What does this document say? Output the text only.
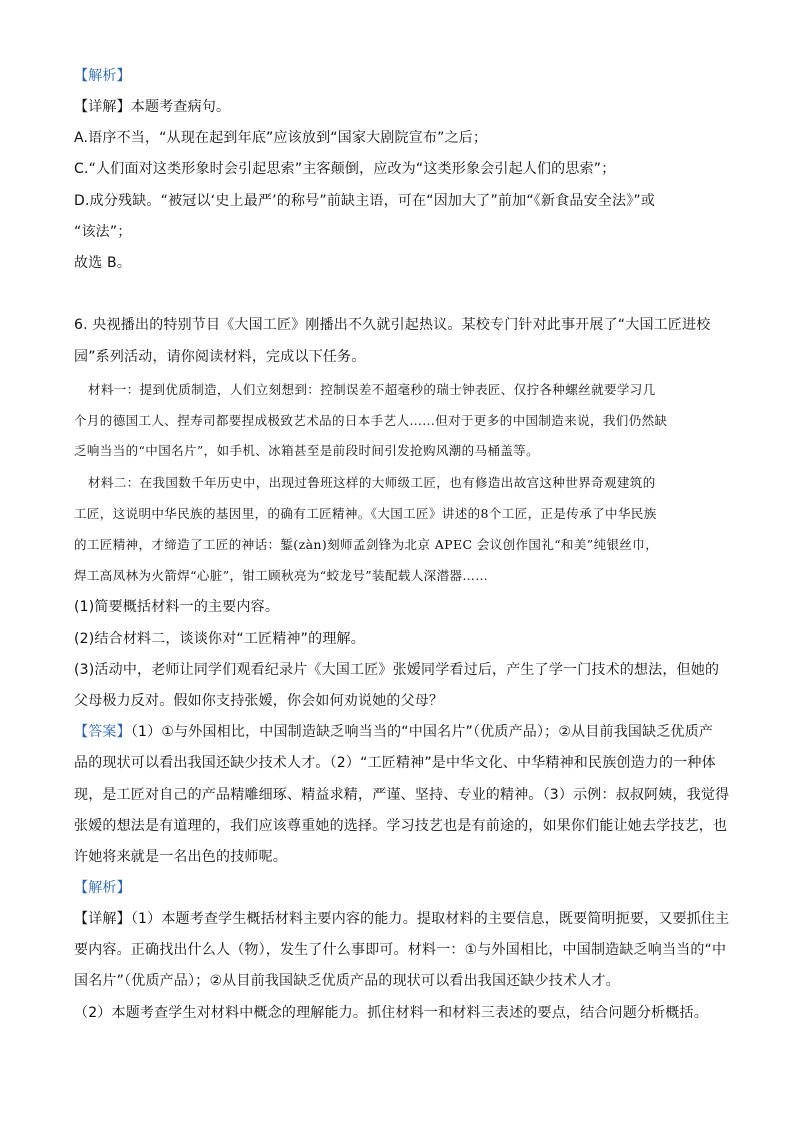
【解析】
【详解】本题考查病句。
A.语序不当，“从现在起到年底”应该放到“国家大剧院宣布”之后；
C.“人们面对这类形象时会引起思索”主客颠倒，应改为“这类形象会引起人们的思索”；
D.成分残缺。“被冠以‘史上最严’的称号”前缺主语，可在“因加大了”前加“《新食品安全法》”或
“该法”；
故选 B。
6. 央视播出的特别节目《大国工匠》刚播出不久就引起热议。某校专门针对此事开展了“大国工匠进校
园”系列活动，请你阅读材料，完成以下任务。
材料一：提到优质制造，人们立刻想到：控制误差不超毫秒的瑞士钟表匠、仅拧各种螺丝就要学习几
个月的德国工人、捏寿司都要捏成极致艺术品的日本手艺人……但对于更多的中国制造来说，我们仍然缺
乏响当当的“中国名片”，如手机、冰箱甚至是前段时间引发抢购风潮的马桶盖等。
材料二：在我国数千年历史中，出现过鲁班这样的大师级工匠，也有修造出故宫这种世界奇观建筑的
工匠，这说明中华民族的基因里，的确有工匠精神。《大国工匠》讲述的8个工匠，正是传承了中华民族
的工匠精神，才缔造了工匠的神话：錾(zàn)刻师孟剑锋为北京 APEC 会议创作国礼“和美”纯银丝巾，
焊工高凤林为火箭焊“心脏”，钳工顾秋亮为“蛟龙号”装配载人深潜器……
(1)简要概括材料一的主要内容。
(2)结合材料二，谈谈你对“工匠精神”的理解。
(3)活动中，老师让同学们观看纪录片《大国工匠》张嫒同学看过后，产生了学一门技术的想法，但她的
父母极力反对。假如你支持张嫒，你会如何劝说她的父母？
【答案】（1）①与外国相比，中国制造缺乏响当当的“中国名片”（优质产品）；②从目前我国缺乏优质产
品的现状可以看出我国还缺少技术人才。（2）“工匠精神”是中华文化、中华精神和民族创造力的一种体
现，是工匠对自己的产品精雕细琢、精益求精，严谨、坚持、专业的精神。（3）示例：叔叔阿姨，我觉得
张嫒的想法是有道理的，我们应该尊重她的选择。学习技艺也是有前途的，如果你们能让她去学技艺，也
许她将来就是一名出色的技师呢。
【解析】
【详解】（1）本题考查学生概括材料主要内容的能力。提取材料的主要信息，既要简明扼要，又要抓住主
要内容。正确找出什么人（物），发生了什么事即可。材料一：①与外国相比，中国制造缺乏响当当的“中
国名片”（优质产品）；②从目前我国缺乏优质产品的现状可以看出我国还缺少技术人才。
（2）本题考查学生对材料中概念的理解能力。抓住材料一和材料三表述的要点，结合问题分析概括。
